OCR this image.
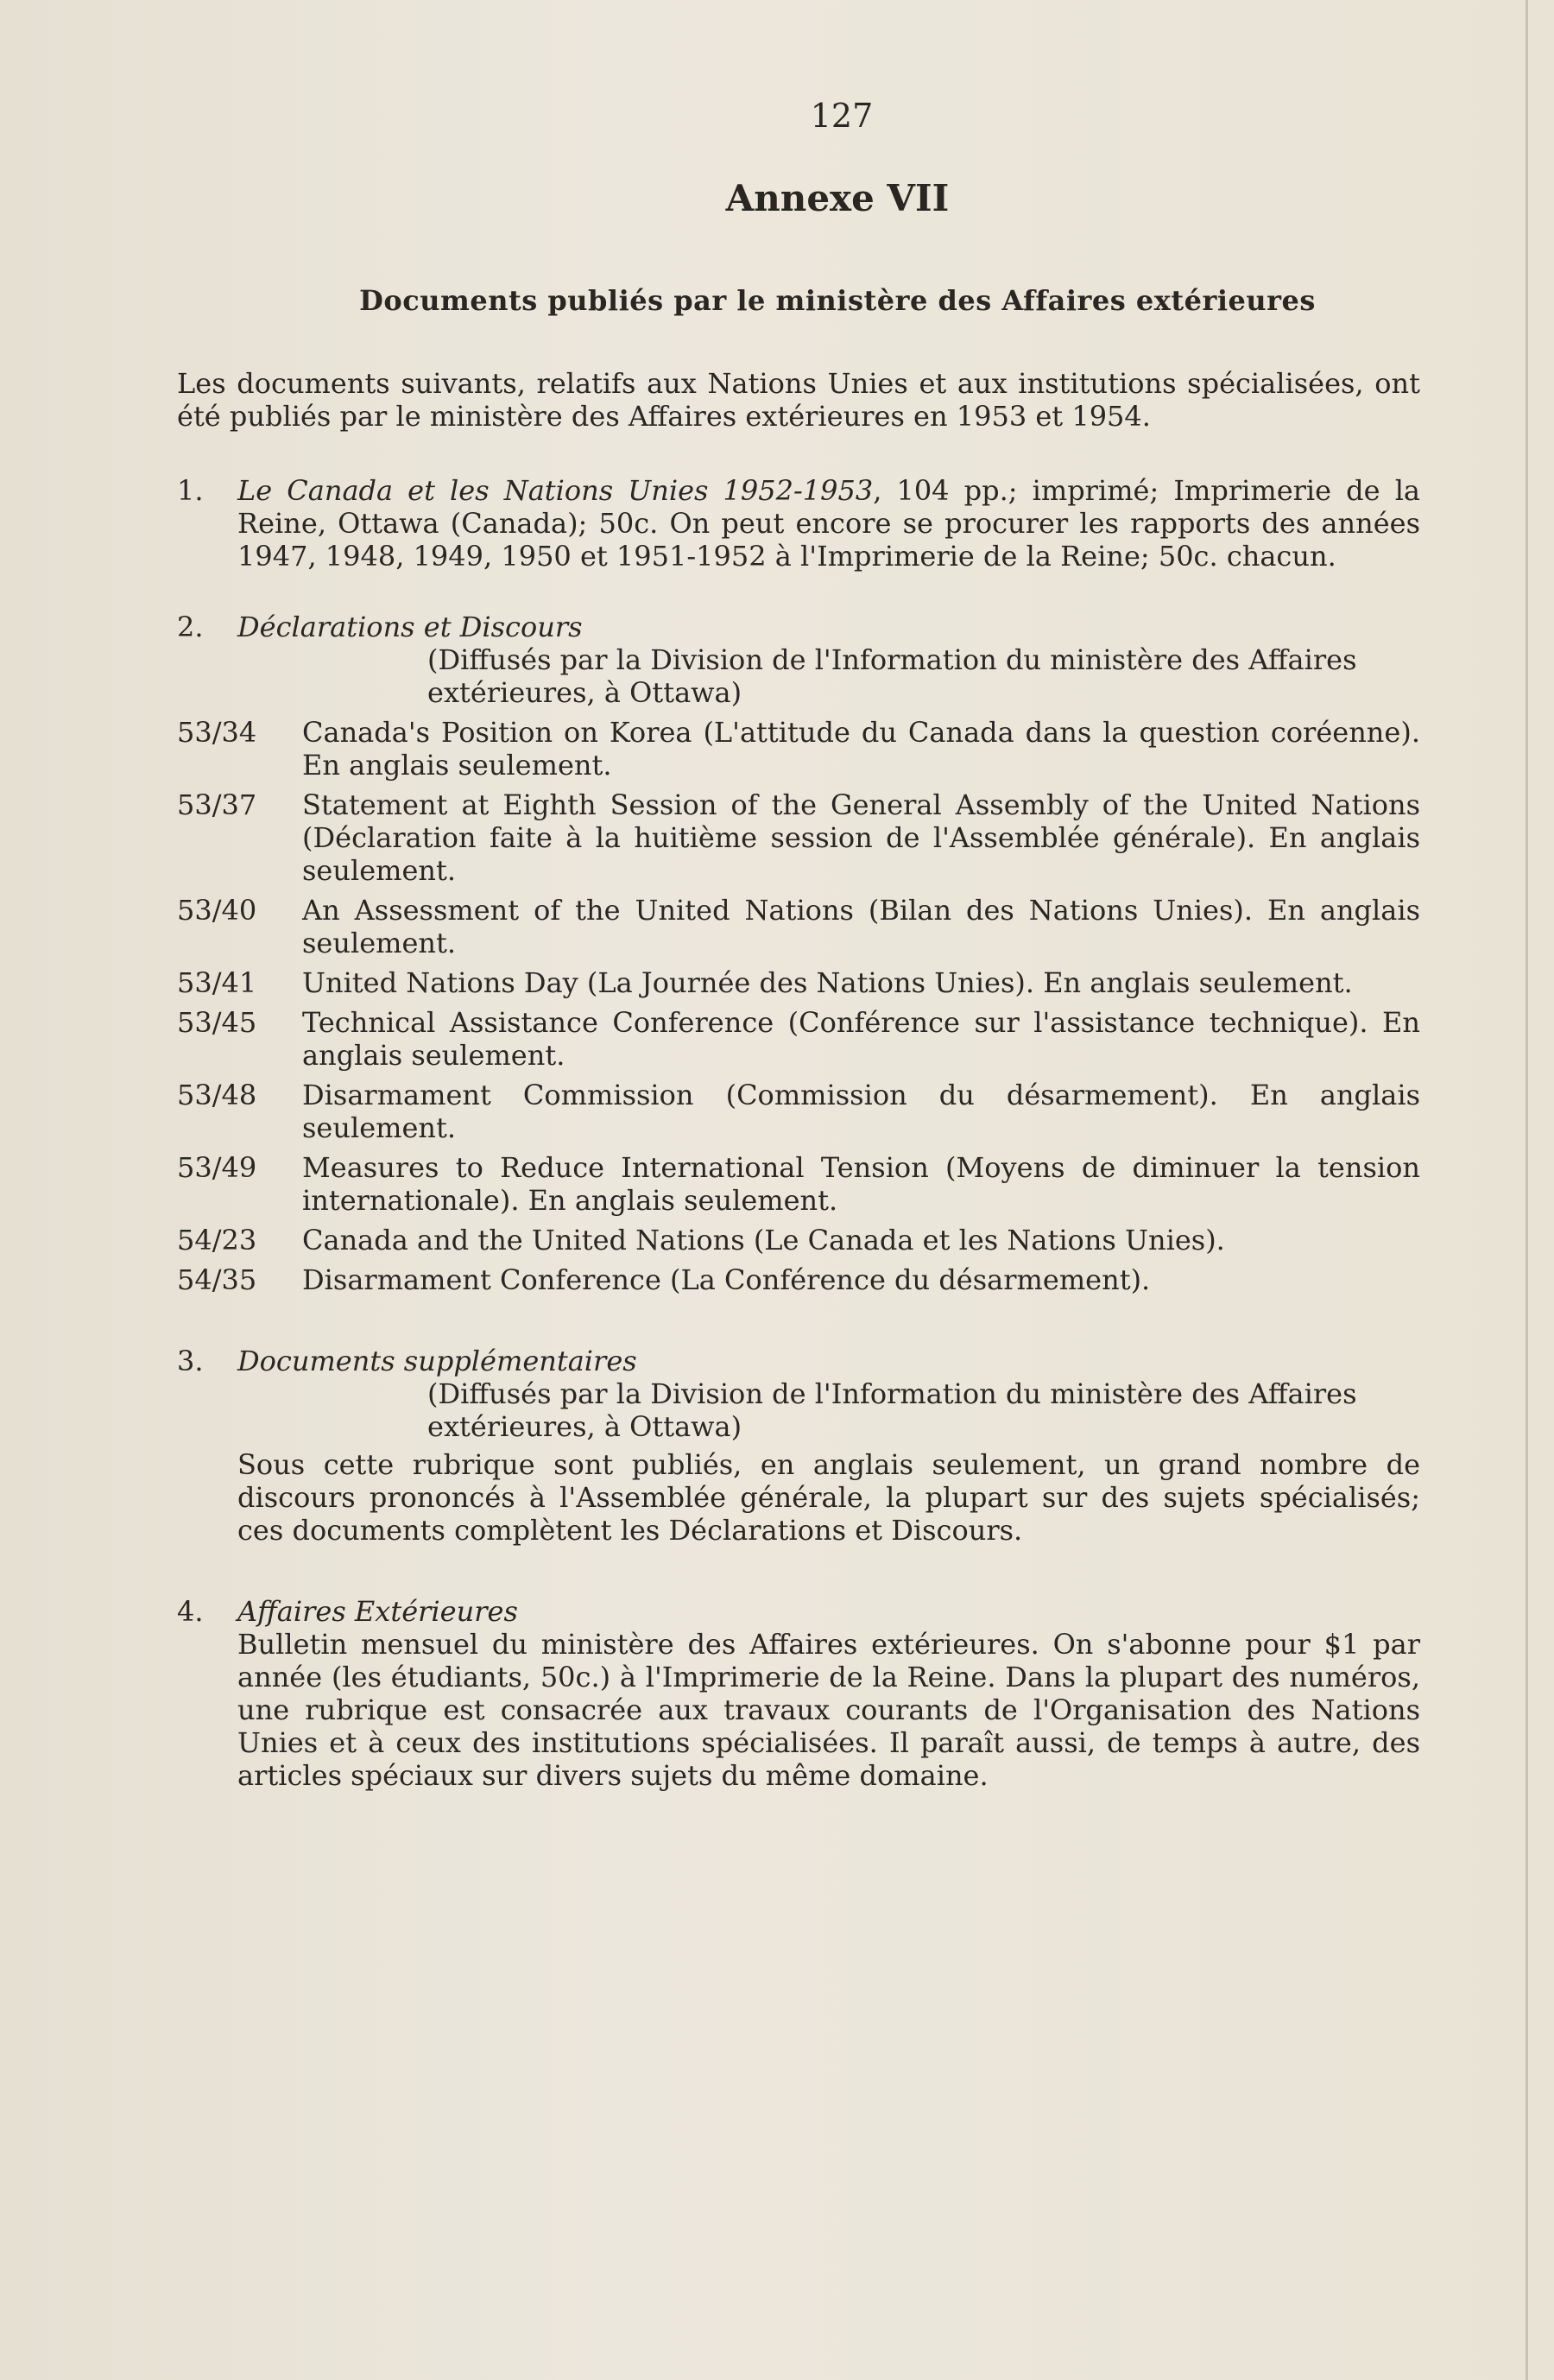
127
Annexe VII
Documents publiés par le ministère des Affaires extérieures
Les documents suivants, relatifs aux Nations Unies et aux institutions spécialisées, ont été publiés par le ministère des Affaires extérieures en 1953 et 1954.
1. Le Canada et les Nations Unies 1952-1953, 104 pp.; imprimé; Imprimerie de la Reine, Ottawa (Canada); 50c. On peut encore se procurer les rapports des années 1947, 1948, 1949, 1950 et 1951-1952 à l'Imprimerie de la Reine; 50c. chacun.
2. Déclarations et Discours
(Diffusés par la Division de l'Information du ministère des Affaires extérieures, à Ottawa)
53/34 Canada's Position on Korea (L'attitude du Canada dans la question coréenne). En anglais seulement.
53/37 Statement at Eighth Session of the General Assembly of the United Nations (Déclaration faite à la huitième session de l'Assemblée générale). En anglais seulement.
53/40 An Assessment of the United Nations (Bilan des Nations Unies). En anglais seulement.
53/41 United Nations Day (La Journée des Nations Unies). En anglais seulement.
53/45 Technical Assistance Conference (Conférence sur l'assistance technique). En anglais seulement.
53/48 Disarmament Commission (Commission du désarmement). En anglais seulement.
53/49 Measures to Reduce International Tension (Moyens de diminuer la tension internationale). En anglais seulement.
54/23 Canada and the United Nations (Le Canada et les Nations Unies).
54/35 Disarmament Conference (La Conférence du désarmement).
3. Documents supplémentaires
(Diffusés par la Division de l'Information du ministère des Affaires extérieures, à Ottawa)
Sous cette rubrique sont publiés, en anglais seulement, un grand nombre de discours prononcés à l'Assemblée générale, la plupart sur des sujets spécialisés; ces documents complètent les Déclarations et Discours.
4. Affaires Extérieures
Bulletin mensuel du ministère des Affaires extérieures. On s'abonne pour $1 par année (les étudiants, 50c.) à l'Imprimerie de la Reine. Dans la plupart des numéros, une rubrique est consacrée aux travaux courants de l'Organisation des Nations Unies et à ceux des institutions spécialisées. Il paraît aussi, de temps à autre, des articles spéciaux sur divers sujets du même domaine.
